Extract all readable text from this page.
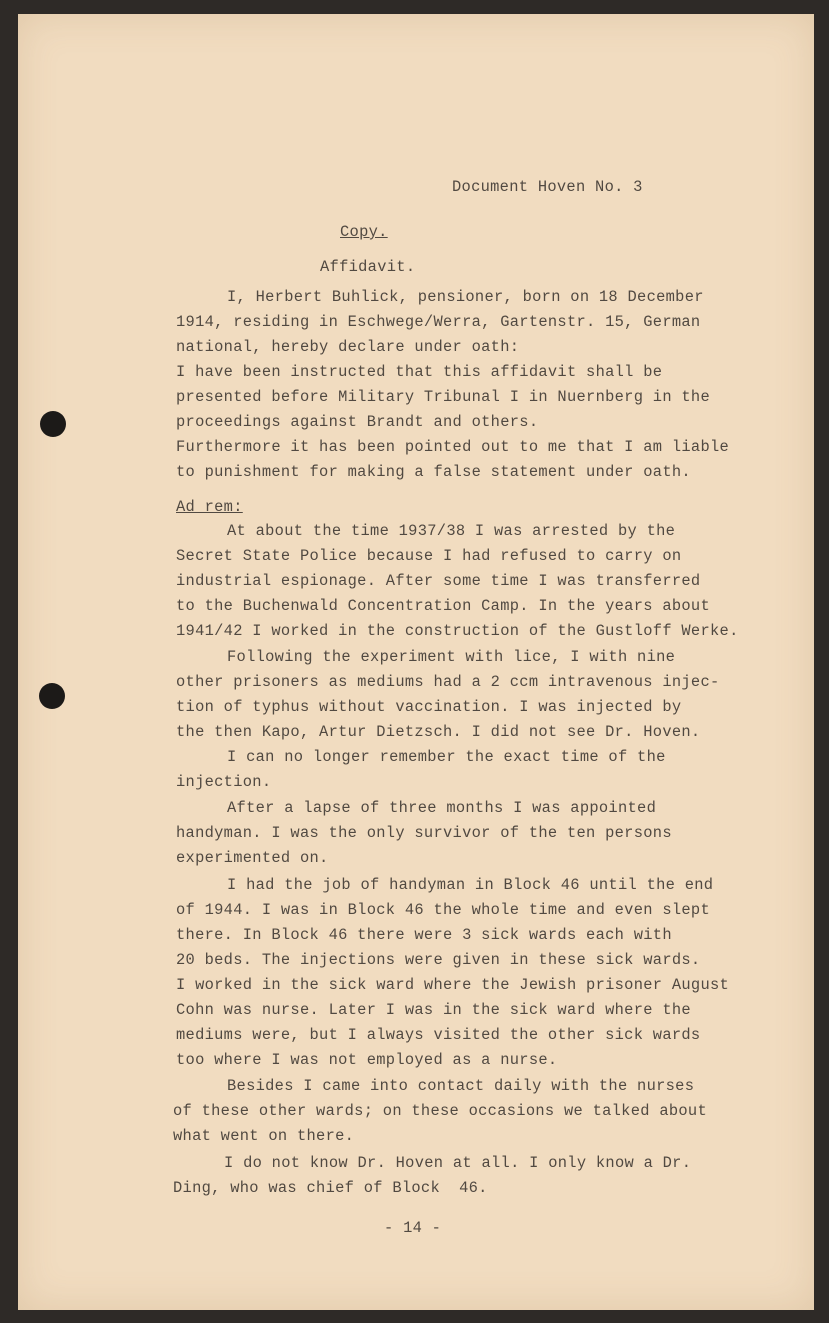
Document Hoven No. 3
Copy.
Affidavit.
I, Herbert Buhlick, pensioner, born on 18 December
1914, residing in Eschwege/Werra, Gartenstr. 15, German
national, hereby declare under oath:
I have been instructed that this affidavit shall be
presented before Military Tribunal I in Nuernberg in the
proceedings against Brandt and others.
Furthermore it has been pointed out to me that I am liable
to punishment for making a false statement under oath.
Ad rem:
At about the time 1937/38 I was arrested by the
Secret State Police because I had refused to carry on
industrial espionage. After some time I was transferred
to the Buchenwald Concentration Camp. In the years about
1941/42 I worked in the construction of the Gustloff Werke.
Following the experiment with lice, I with nine
other prisoners as mediums had a 2 ccm intravenous injec-
tion of typhus without vaccination. I was injected by
the then Kapo, Artur Dietzsch. I did not see Dr. Hoven.
I can no longer remember the exact time of the
injection.
After a lapse of three months I was appointed
handyman. I was the only survivor of the ten persons
experimented on.
I had the job of handyman in Block 46 until the end
of 1944. I was in Block 46 the whole time and even slept
there. In Block 46 there were 3 sick wards each with
20 beds. The injections were given in these sick wards.
I worked in the sick ward where the Jewish prisoner August
Cohn was nurse. Later I was in the sick ward where the
mediums were, but I always visited the other sick wards
too where I was not employed as a nurse.
Besides I came into contact daily with the nurses
of these other wards; on these occasions we talked about
what went on there.
I do not know Dr. Hoven at all. I only know a Dr.
Ding, who was chief of Block  46.
- 14 -
